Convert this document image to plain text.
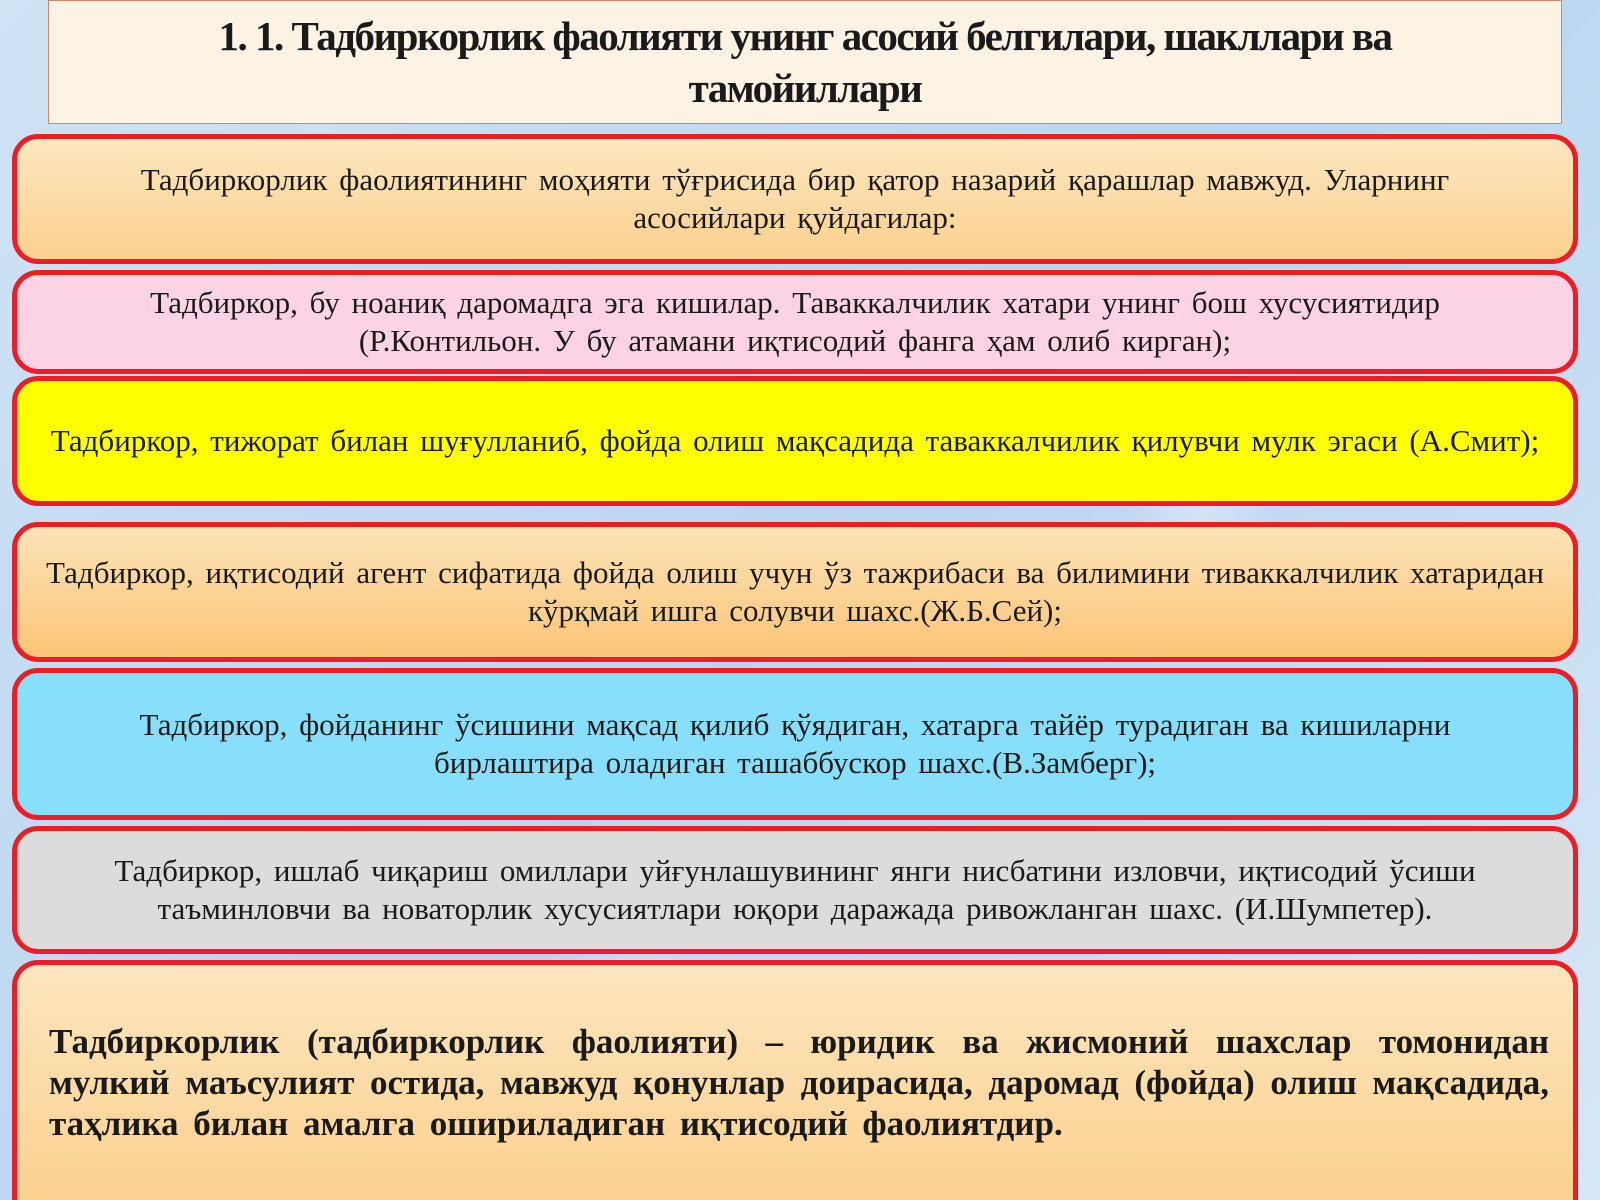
1. 1. Тадбиркорлик фаолияти унинг асосий белгилари, шакллари ва тамойиллари

Тадбиркорлик фаолиятининг моҳияти тўғрисида бир қатор назарий қарашлар мавжуд. Уларнинг асосийлари қуйдагилар:

Тадбиркор, бу ноаниқ даромадга эга кишилар. Таваккалчилик хатари унинг бош хусусиятидир (Р.Контильон. У бу атамани иқтисодий фанга ҳам олиб кирган);

Тадбиркор, тижорат билан шуғулланиб, фойда олиш мақсадида таваккалчилик қилувчи мулк эгаси (А.Смит);

Тадбиркор, иқтисодий агент сифатида фойда олиш учун ўз тажрибаси ва билимини тиваккалчилик хатаридан кўрқмай ишга солувчи шахс.(Ж.Б.Сей);

Тадбиркор, фойданинг ўсишини мақсад қилиб қўядиган, хатарга тайёр турадиган ва кишиларни бирлаштира оладиган ташаббускор шахс.(В.Замберг);

Тадбиркор, ишлаб чиқариш омиллари уйғунлашувининг янги нисбатини изловчи, иқтисодий ўсиши таъминловчи ва новаторлик хусусиятлари юқори даражада ривожланган шахс. (И.Шумпетер).

Тадбиркорлик (тадбиркорлик фаолияти) – юридик ва жисмоний шахслар томонидан мулкий маъсулият остида, мавжуд қонунлар доирасида, даромад (фойда) олиш мақсадида, таҳлика билан амалга ошириладиган иқтисодий фаолиятдир.
